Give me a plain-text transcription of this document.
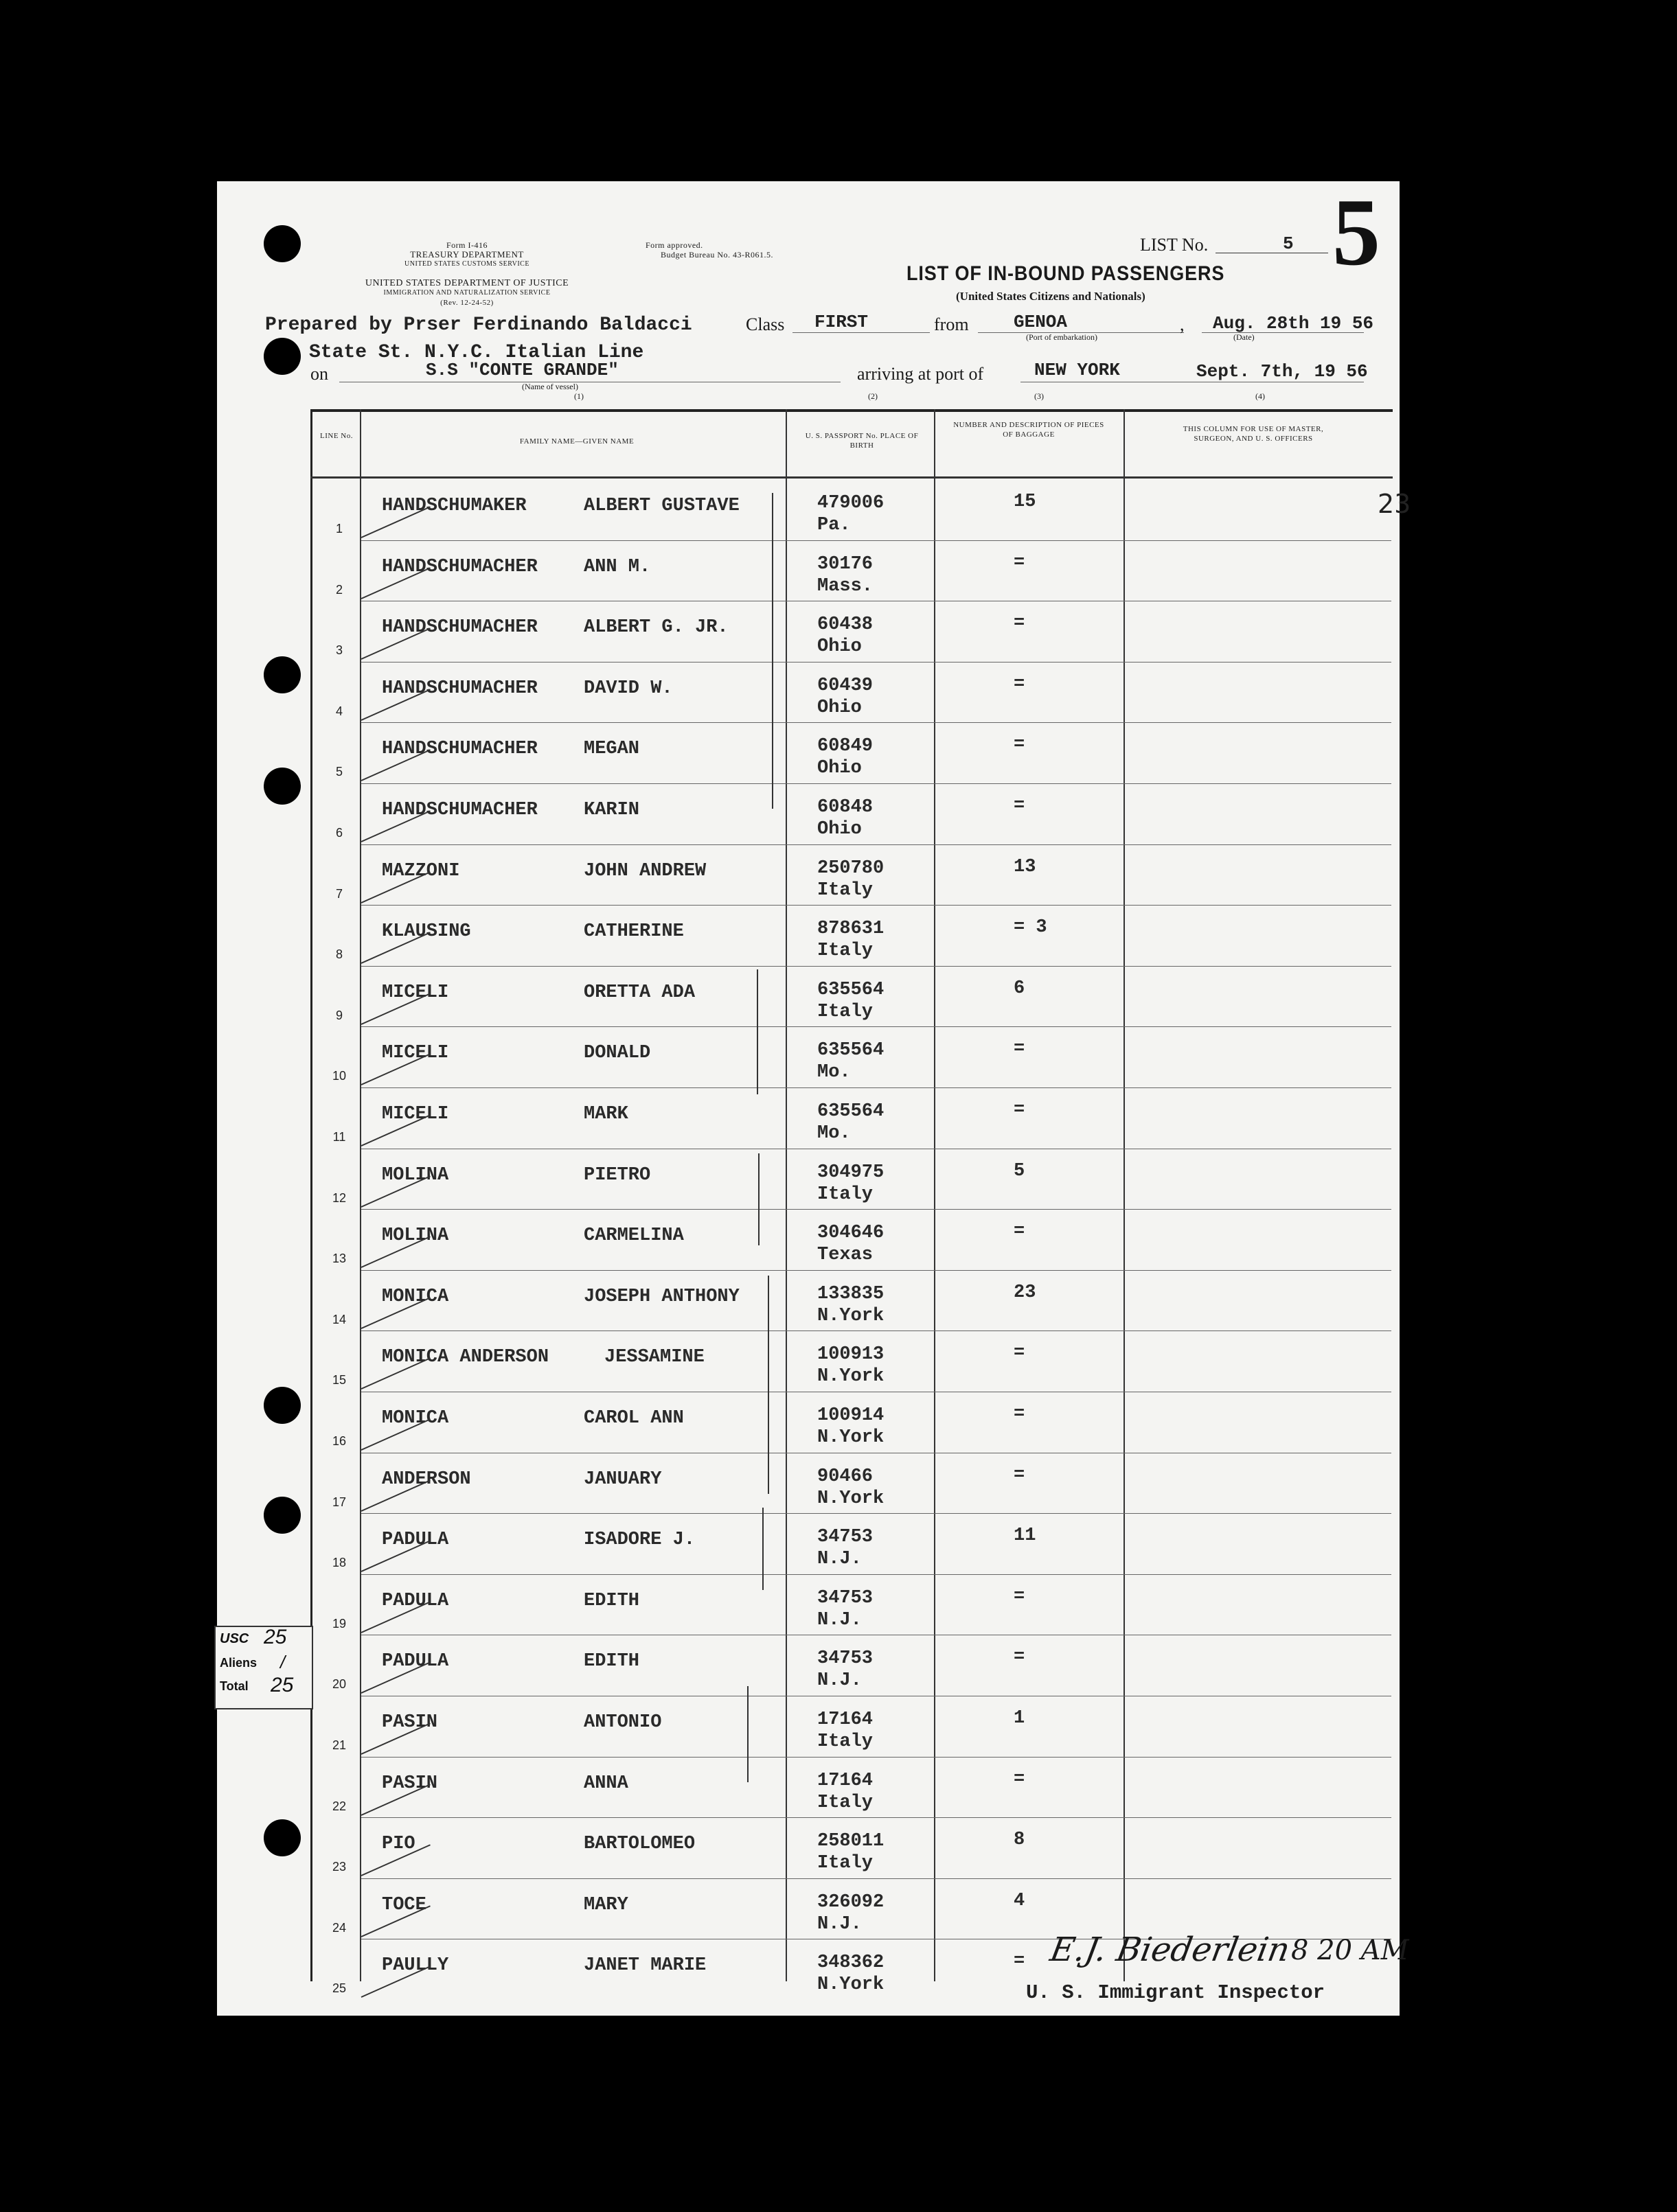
Form I-416
TREASURY DEPARTMENT
UNITED STATES CUSTOMS SERVICE
UNITED STATES DEPARTMENT OF JUSTICE
IMMIGRATION AND NATURALIZATION SERVICE
(Rev. 12-24-52)
Form approved.
Budget Bureau No. 43-R061.5.
LIST OF IN-BOUND PASSENGERS
(United States Citizens and Nationals)
LIST No.	5 5
Prepared by Prser Ferdinando Baldacci	Class FIRST	from	GENOA
(Port of embarkation)
, Aug. 28th 19 56
(Date)
State St. N.Y.C. Italian Line
on	S.S "CONTE GRANDE"
(Name of vessel)
(1)
arriving at port of	NEW YORK	Sept. 7th, 19 56
(2)	(3)	(4)
LINE No.
FAMILY NAME—GIVEN NAME
U. S. PASSPORT No. PLACE OF BIRTH
NUMBER AND DESCRIPTION OF PIECES OF BAGGAGE
THIS COLUMN FOR USE OF MASTER, SURGEON, AND U. S. OFFICERS
1
HANDSCHUMAKER	ALBERT GUSTAVE	479006
Pa.
15
2
HANDSCHUMACHER ANN M.	30176
Mass.
=
3
HANDSCHUMACHER ALBERT G. JR.	60438
Ohio
=
4
HANDSCHUMACHER DAVID W.	60439
Ohio
=
5
HANDSCHUMACHER MEGAN	60849
Ohio
=
6
HANDSCHUMACHER KARIN	60848
Ohio
=
7
MAZZONI	JOHN ANDREW	250780
Italy
13
8
KLAUSING	CATHERINE	878631
Italy
= 3
9
MICELI	ORETTA ADA	635564
Italy
6
10
MICELI	DONALD	635564
Mo.
=
11
MICELI	MARK	635564
Mo.
=
12
MOLINA	PIETRO	304975
Italy
5
13
MOLINA	CARMELINA	304646
Texas
=
14
MONICA	JOSEPH ANTHONY	133835
N.York
23
15
MONICA ANDERSON	JESSAMINE	100913
N.York
=
16
MONICA	CAROL ANN	100914
N.York
=
17
ANDERSON	JANUARY	90466
N.York
=
18
PADULA	ISADORE J.	34753
N.J.
11
19
PADULA	EDITH	34753
N.J.
=
20
PADULA	EDITH	34753
N.J.
=
21
PASIN	ANTONIO	17164
Italy
1
22
PASIN	ANNA	17164
Italy
=
23
PIO	BARTOLOMEO	258011
Italy
8
24
TOCE	MARY	326092
N.J.
4
25
PAULLY	JANET MARIE	348362
N.York
=
23
USC 25
Aliens /
Total 25
E.J. Biederlein
8 20 AM
U. S. Immigrant Inspector
